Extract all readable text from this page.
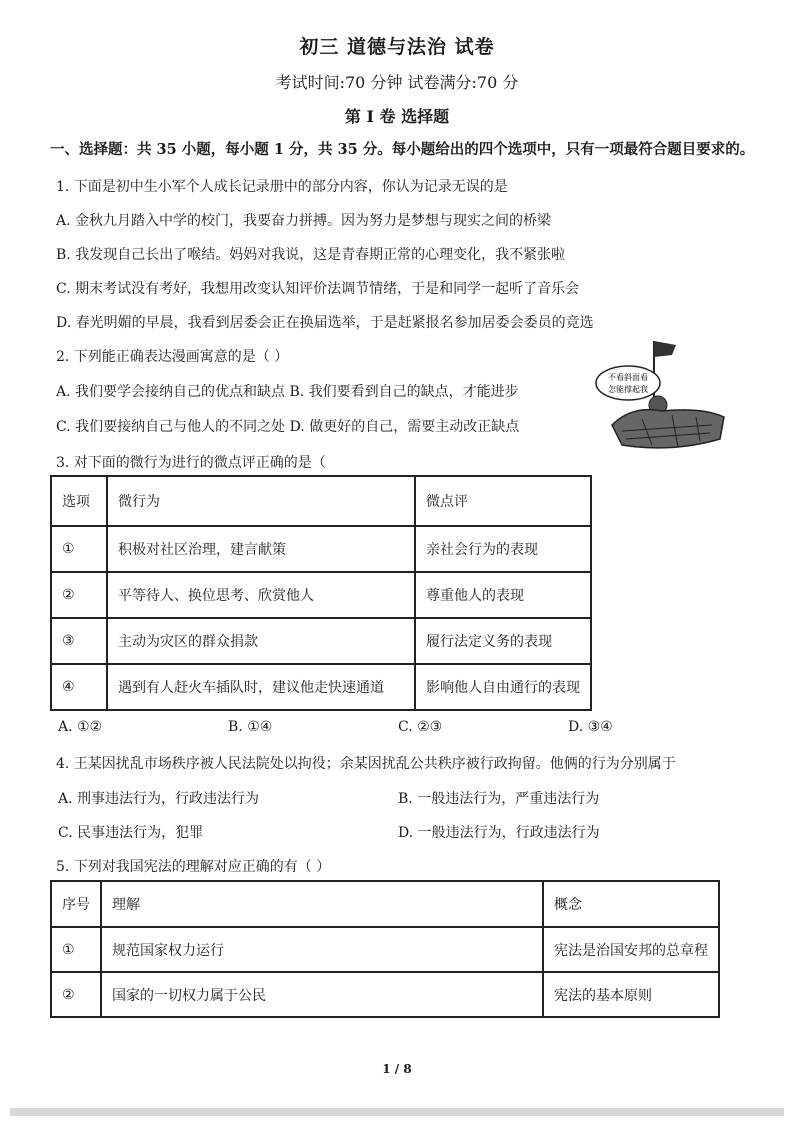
初三 道德与法治 试卷
考试时间:70 分钟 试卷满分:70 分
第 I 卷 选择题
一、选择题：共 35 小题，每小题 1 分，共 35 分。每小题给出的四个选项中，只有一项最符合题目要求的。
1. 下面是初中生小军个人成长记录册中的部分内容，你认为记录无误的是
A. 金秋九月踏入中学的校门，我要奋力拼搏。因为努力是梦想与现实之间的桥梁
B. 我发现自己长出了喉结。妈妈对我说，这是青春期正常的心理变化，我不紧张啦
C. 期末考试没有考好，我想用改变认知评价法调节情绪，于是和同学一起听了音乐会
D. 春光明媚的早晨，我看到居委会正在换届选举，于是赶紧报名参加居委会委员的竞选
2. 下列能正确表达漫画寓意的是（ ）
A. 我们要学会接纳自己的优点和缺点 B. 我们要看到自己的缺点，才能进步
C. 我们要接纳自己与他人的不同之处 D. 做更好的自己，需要主动改正缺点
不看斜面看
怎能撑起我
3. 对下面的微行为进行的微点评正确的是（
选项	微行为	微点评
①	积极对社区治理，建言献策	亲社会行为的表现
②	平等待人、换位思考、欣赏他人	尊重他人的表现
③	主动为灾区的群众捐款	履行法定义务的表现
④	遇到有人赶火车插队时，建议他走快速通道	影响他人自由通行的表现
A. ①②	B. ①④	C. ②③	D. ③④
4. 王某因扰乱市场秩序被人民法院处以拘役；余某因扰乱公共秩序被行政拘留。他俩的行为分别属于
A. 刑事违法行为，行政违法行为	B. 一般违法行为，严重违法行为
C. 民事违法行为，犯罪	D. 一般违法行为，行政违法行为
5. 下列对我国宪法的理解对应正确的有（ ）
序号	理解	概念
①	规范国家权力运行	宪法是治国安邦的总章程
②	国家的一切权力属于公民	宪法的基本原则
1 / 8
